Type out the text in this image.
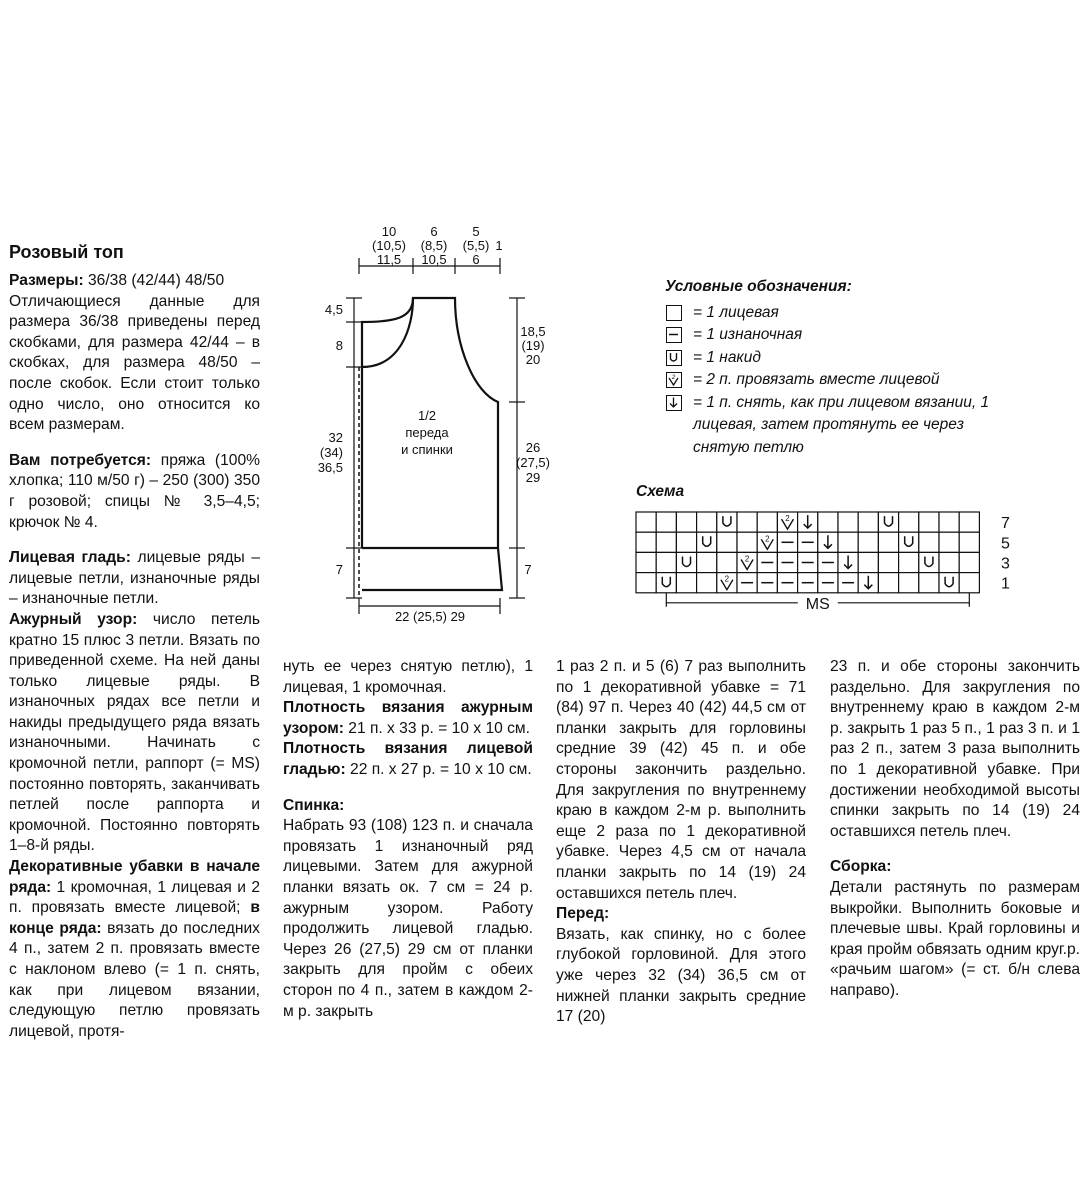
Розовый топ

Размеры: 36/38 (42/44) 48/50

Отличающиеся данные для размера 36/38 приведены перед скобками, для размера 42/44 – в скобках, для размера 48/50 – после скобок. Если стоит только одно число, оно относится ко всем размерам.

Вам потребуется: пряжа (100% хлопка; 110 м/50 г) – 250 (300) 350 г розовой; спицы № 3,5–4,5; крючок № 4.

Лицевая гладь: лицевые ряды – лицевые петли, изнаночные ряды – изнаночные петли.

Ажурный узор: число петель кратно 15 плюс 3 петли. Вязать по приведенной схеме. На ней даны только лицевые ряды. В изнаночных рядах все петли и накиды предыдущего ряда вязать изнаночными. Начинать с кромочной петли, раппорт (= MS) постоянно повторять, заканчивать петлей после раппорта и кромочной. Постоянно повторять 1–8-й ряды.

Декоративные убавки в начале ряда: 1 кромочная, 1 лицевая и 2 п. провязать вместе лицевой; в конце ряда: вязать до последних 4 п., затем 2 п. провязать вместе с наклоном влево (= 1 п. снять, как при лицевом вязании, следующую петлю провязать лицевой, протя-

нуть ее через снятую петлю), 1 лицевая, 1 кромочная.

Плотность вязания ажурным узором: 21 п. х 33 р. = 10 х 10 см.

Плотность вязания лицевой гладью: 22 п. х 27 р. = 10 х 10 см.

Спинка:

Набрать 93 (108) 123 п. и сначала провязать 1 изнаночный ряд лицевыми. Затем для ажурной планки вязать ок. 7 см = 24 р. ажурным узором. Работу продолжить лицевой гладью. Через 26 (27,5) 29 см от планки закрыть для пройм с обеих сторон по 4 п., затем в каждом 2-м р. закрыть

1 раз 2 п. и 5 (6) 7 раз выполнить по 1 декоративной убавке = 71 (84) 97 п. Через 40 (42) 44,5 см от планки закрыть для горловины средние 39 (42) 45 п. и обе стороны закончить раздельно. Для закругления по внутреннему краю в каждом 2-м р. выполнить еще 2 раза по 1 декоративной убавке. Через 4,5 см от начала планки закрыть по 14 (19) 24 оставшихся петель плеч.

Перед:

Вязать, как спинку, но с более глубокой горловиной. Для этого уже через 32 (34) 36,5 см от нижней планки закрыть средние 17 (20)

23 п. и обе стороны закончить раздельно. Для закругления по внутреннему краю в каждом 2-м р. закрыть 1 раз 5 п., 1 раз 3 п. и 1 раз 2 п., затем 3 раза выполнить по 1 декоративной убавке. При достижении необходимой высоты спинки закрыть по 14 (19) 24 оставшихся петель плеч.

Сборка:

Детали растянуть по размерам выкройки. Выполнить боковые и плечевые швы. Край горловины и края пройм обвязать одним круг.р. «рачьим шагом» (= ст. б/н слева направо).

10
(10,5)
11,5
6
(8,5)
10,5
5
(5,5)
6
1
4,5
8
32
(34)
36,5
7
18,5
(19)
20
26
(27,5)
29
7
22 (25,5) 29
1/2
переда
и спинки
Условные обозначения:
= 1 лицевая
= 1 изнаночная
= 1 накид
2 = 2 п. провязать вместе лицевой
= 1 п. снять, как при лицевом вязании, 1 лицевая, затем протянуть ее через снятую петлю
Схема
2
2
2
2
7
5
3
1
MS
